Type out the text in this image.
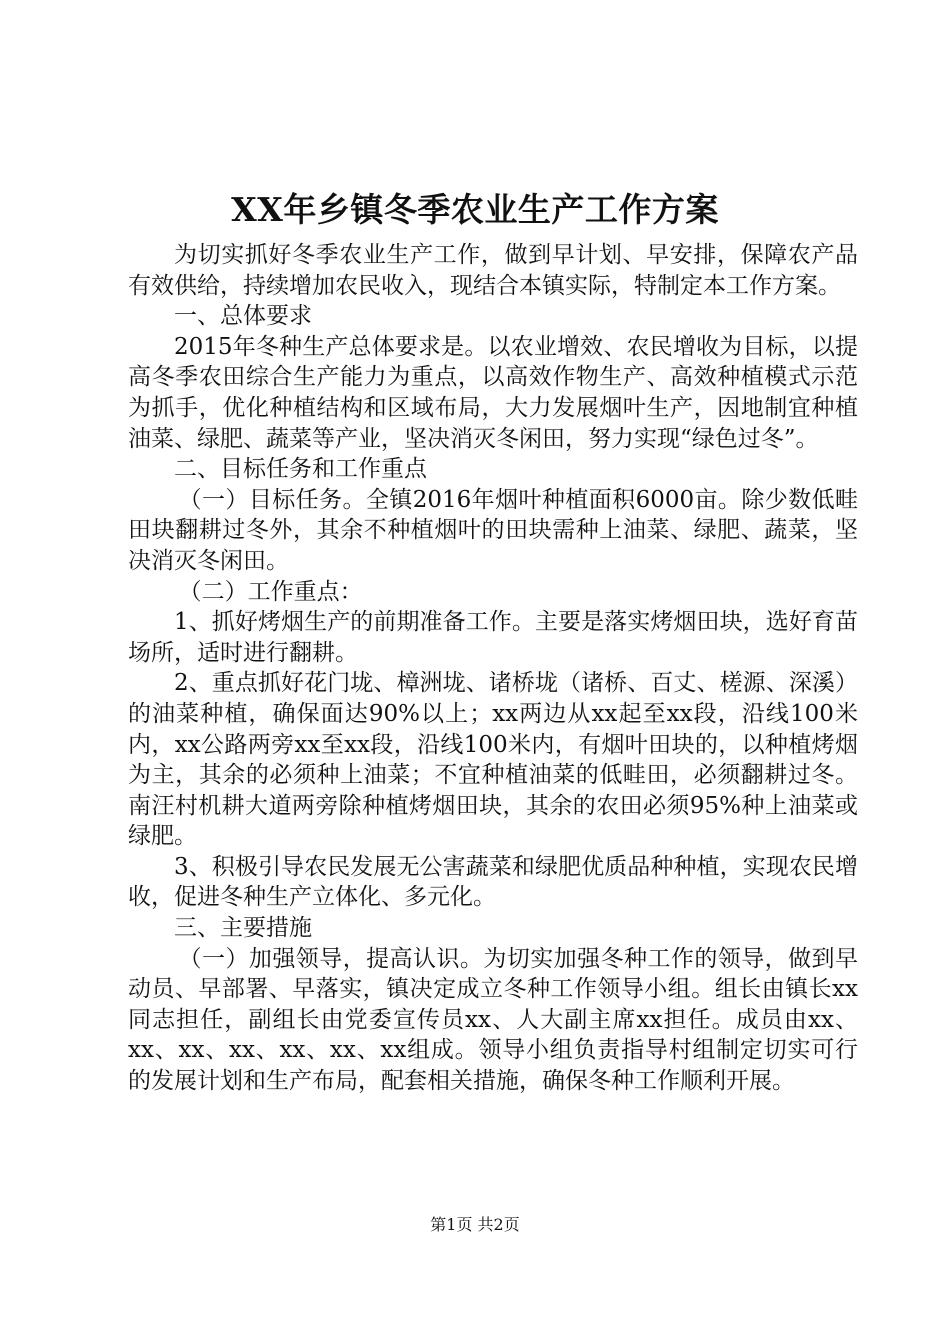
XX年乡镇冬季农业生产工作方案

为切实抓好冬季农业生产工作，做到早计划、早安排，保障农产品有效供给，持续增加农民收入，现结合本镇实际，特制定本工作方案。

一、总体要求

2015年冬种生产总体要求是。以农业增效、农民增收为目标，以提高冬季农田综合生产能力为重点，以高效作物生产、高效种植模式示范为抓手，优化种植结构和区域布局，大力发展烟叶生产，因地制宜种植油菜、绿肥、蔬菜等产业，坚决消灭冬闲田，努力实现“绿色过冬”。

二、目标任务和工作重点

（一）目标任务。全镇2016年烟叶种植面积6000亩。除少数低畦田块翻耕过冬外，其余不种植烟叶的田块需种上油菜、绿肥、蔬菜，坚决消灭冬闲田。

（二）工作重点：

1、抓好烤烟生产的前期准备工作。主要是落实烤烟田块，选好育苗场所，适时进行翻耕。

2、重点抓好花门垅、樟洲垅、诸桥垅（诸桥、百丈、槎源、深溪）的油菜种植，确保面达90%以上；xx两边从xx起至xx段，沿线100米内，xx公路两旁xx至xx段，沿线100米内，有烟叶田块的，以种植烤烟为主，其余的必须种上油菜；不宜种植油菜的低畦田，必须翻耕过冬。南汪村机耕大道两旁除种植烤烟田块，其余的农田必须95%种上油菜或绿肥。

3、积极引导农民发展无公害蔬菜和绿肥优质品种种植，实现农民增收，促进冬种生产立体化、多元化。

三、主要措施

（一）加强领导，提高认识。为切实加强冬种工作的领导，做到早动员、早部署、早落实，镇决定成立冬种工作领导小组。组长由镇长xx同志担任，副组长由党委宣传员xx、人大副主席xx担任。成员由xx、xx、xx、xx、xx、xx、xx组成。领导小组负责指导村组制定切实可行的发展计划和生产布局，配套相关措施，确保冬种工作顺利开展。

第1页 共2页
